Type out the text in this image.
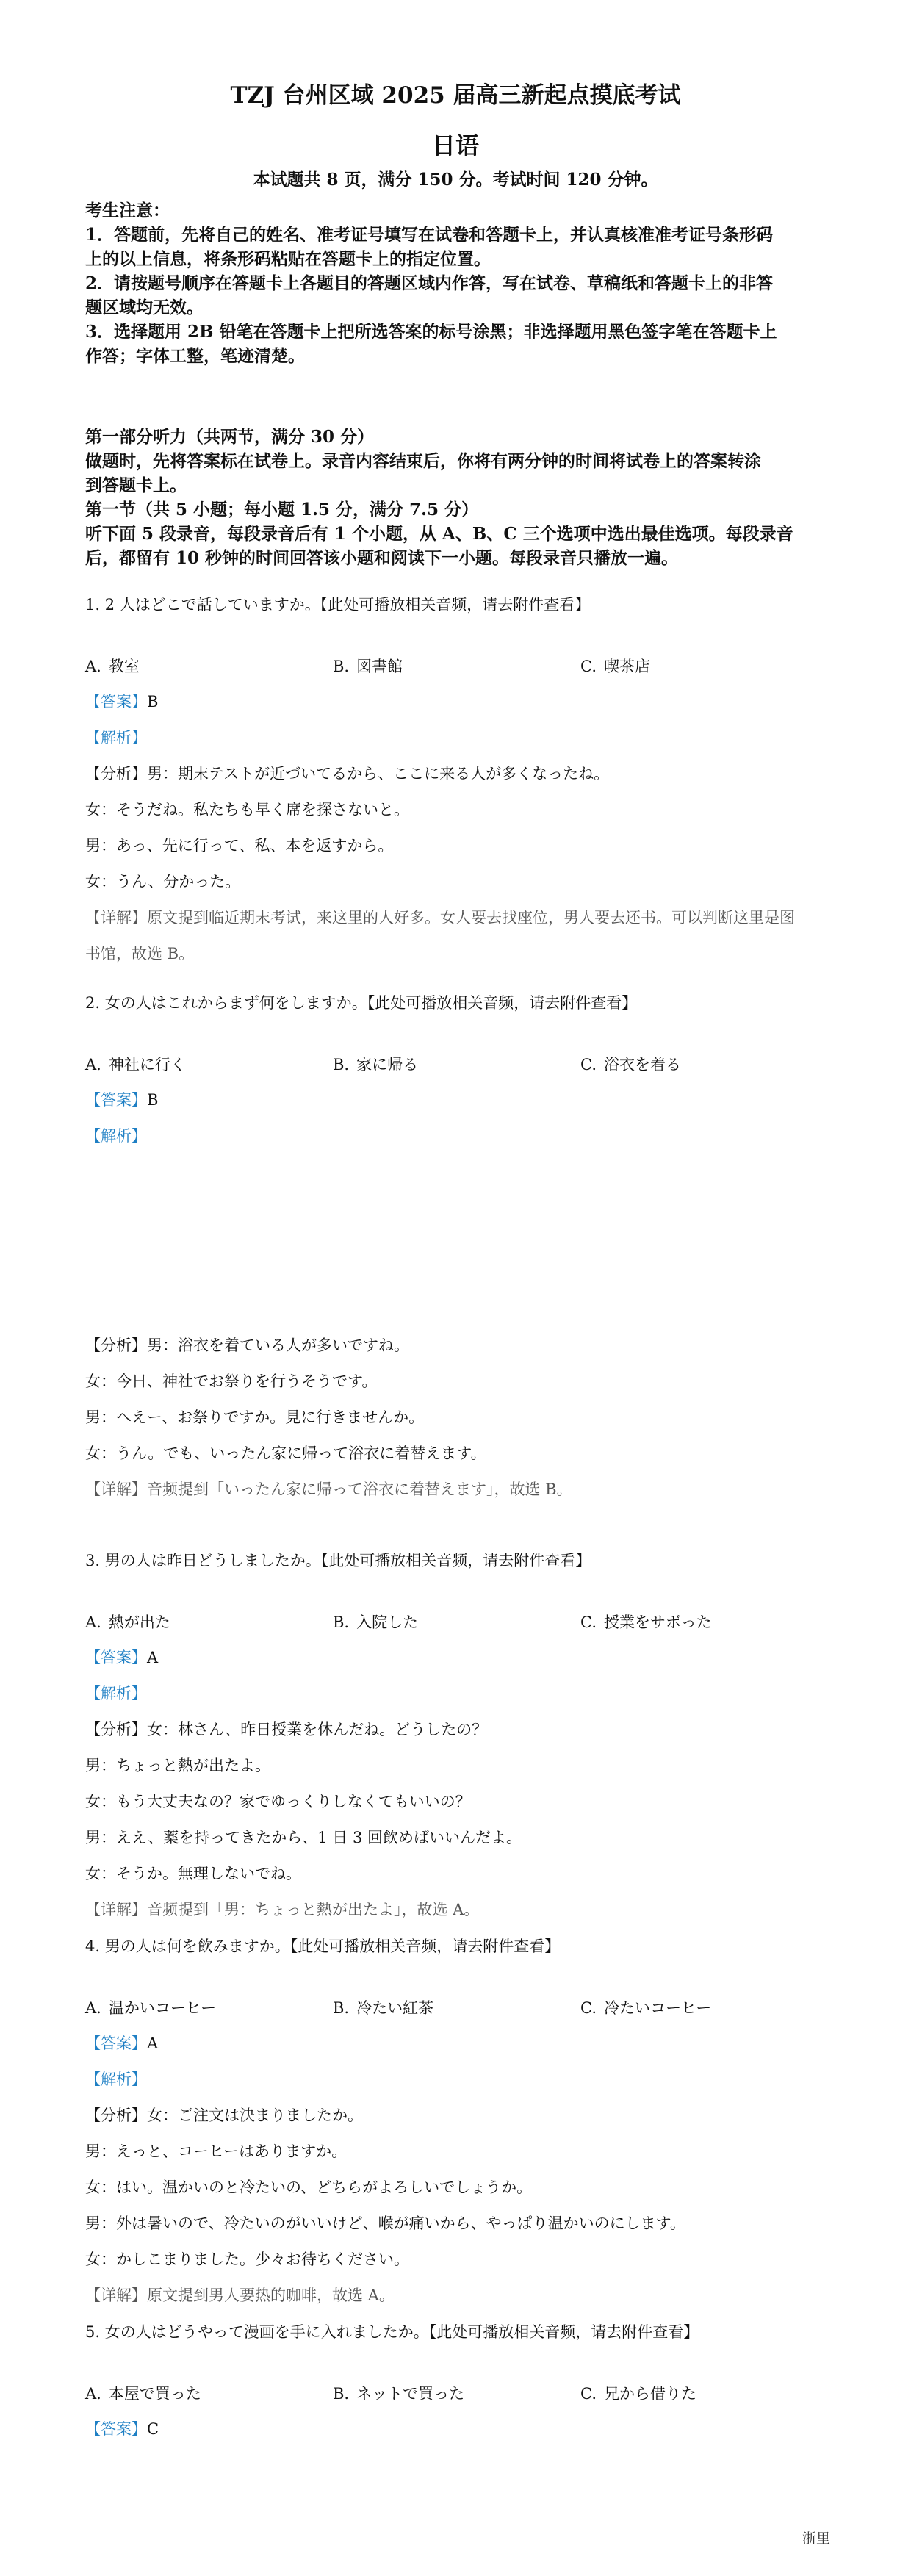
TZJ 台州区域 2025 届高三新起点摸底考试
日语
本试题共 8 页，满分 150 分。考试时间 120 分钟。

考生注意：

1．答题前，先将自己的姓名、准考证号填写在试卷和答题卡上，并认真核准准考证号条形码

上的以上信息，将条形码粘贴在答题卡上的指定位置。

2．请按题号顺序在答题卡上各题目的答题区域内作答，写在试卷、草稿纸和答题卡上的非答

题区域均无效。

3．选择题用 2B 铅笔在答题卡上把所选答案的标号涂黑；非选择题用黑色签字笔在答题卡上

作答；字体工整，笔迹清楚。

第一部分听力（共两节，满分 30 分）

做题时，先将答案标在试卷上。录音内容结束后，你将有两分钟的时间将试卷上的答案转涂

到答题卡上。

第一节（共 5 小题；每小题 1.5 分，满分 7.5 分）

听下面 5 段录音，每段录音后有 1 个小题，从 A、B、C 三个选项中选出最佳选项。每段录音

后，都留有 10 秒钟的时间回答该小题和阅读下一小题。每段录音只播放一遍。

1. 2 人はどこで話していますか。【此处可播放相关音频，请去附件查看】

A. 教室	B. 図書館	C. 喫茶店

【答案】B

【解析】

【分析】男：期末テストが近づいてるから、ここに来る人が多くなったね。

女：そうだね。私たちも早く席を探さないと。

男：あっ、先に行って、私、本を返すから。

女：うん、分かった。

【详解】原文提到临近期末考试，来这里的人好多。女人要去找座位，男人要去还书。可以判断这里是图

书馆，故选 B。

2. 女の人はこれからまず何をしますか。【此处可播放相关音频，请去附件查看】

A. 神社に行く	B. 家に帰る	C. 浴衣を着る

【答案】B

【解析】

【分析】男：浴衣を着ている人が多いですね。

女：今日、神社でお祭りを行うそうです。

男：へえー、お祭りですか。見に行きませんか。

女：うん。でも、いったん家に帰って浴衣に着替えます。

【详解】音频提到「いったん家に帰って浴衣に着替えます」，故选 B。

3. 男の人は昨日どうしましたか。【此处可播放相关音频，请去附件查看】

A. 熱が出た	B. 入院した	C. 授業をサボった

【答案】A

【解析】

【分析】女：林さん、昨日授業を休んだね。どうしたの？

男：ちょっと熱が出たよ。

女：もう大丈夫なの？家でゆっくりしなくてもいいの？

男：ええ、薬を持ってきたから、1 日 3 回飲めばいいんだよ。

女：そうか。無理しないでね。

【详解】音频提到「男：ちょっと熱が出たよ」，故选 A。

4. 男の人は何を飲みますか。【此处可播放相关音频，请去附件查看】

A. 温かいコーヒー	B. 冷たい紅茶	C. 冷たいコーヒー

【答案】A

【解析】

【分析】女：ご注文は決まりましたか。

男：えっと、コーヒーはありますか。

女：はい。温かいのと冷たいの、どちらがよろしいでしょうか。

男：外は暑いので、冷たいのがいいけど、喉が痛いから、やっぱり温かいのにします。

女：かしこまりました。少々お待ちください。

【详解】原文提到男人要热的咖啡，故选 A。

5. 女の人はどうやって漫画を手に入れましたか。【此处可播放相关音频，请去附件查看】

A. 本屋で買った	B. ネットで買った	C. 兄から借りた

【答案】C

浙里
